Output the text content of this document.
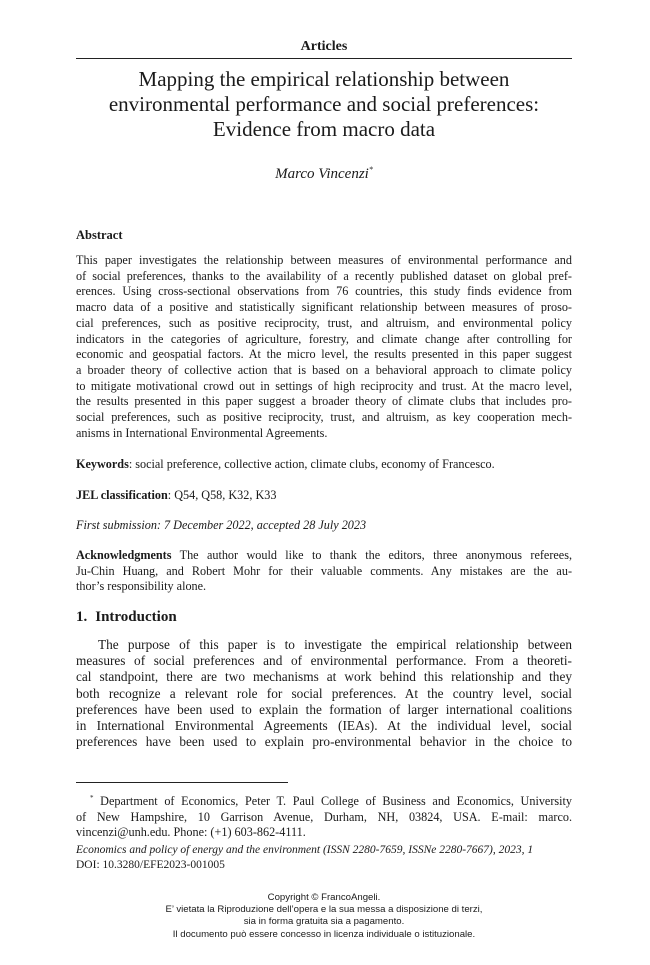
Articles
Mapping the empirical relationship between
environmental performance and social preferences:
Evidence from macro data
Marco Vincenzi*
Abstract
This paper investigates the relationship between measures of environmental performance and
of social preferences, thanks to the availability of a recently published dataset on global pref-
erences. Using cross-sectional observations from 76 countries, this study finds evidence from
macro data of a positive and statistically significant relationship between measures of proso-
cial preferences, such as positive reciprocity, trust, and altruism, and environmental policy
indicators in the categories of agriculture, forestry, and climate change after controlling for
economic and geospatial factors. At the micro level, the results presented in this paper suggest
a broader theory of collective action that is based on a behavioral approach to climate policy
to mitigate motivational crowd out in settings of high reciprocity and trust. At the macro level,
the results presented in this paper suggest a broader theory of climate clubs that includes pro-
social preferences, such as positive reciprocity, trust, and altruism, as key cooperation mech-
anisms in International Environmental Agreements.
Keywords: social preference, collective action, climate clubs, economy of Francesco.
JEL classification: Q54, Q58, K32, K33
First submission: 7 December 2022, accepted 28 July 2023
Acknowledgments The author would like to thank the editors, three anonymous referees,
Ju-Chin Huang, and Robert Mohr for their valuable comments. Any mistakes are the au-
thor’s responsibility alone.
1. Introduction
The purpose of this paper is to investigate the empirical relationship between
measures of social preferences and of environmental performance. From a theoreti-
cal standpoint, there are two mechanisms at work behind this relationship and they
both recognize a relevant role for social preferences. At the country level, social
preferences have been used to explain the formation of larger international coalitions
in International Environmental Agreements (IEAs). At the individual level, social
preferences have been used to explain pro-environmental behavior in the choice to
* Department of Economics, Peter T. Paul College of Business and Economics, University
of New Hampshire, 10 Garrison Avenue, Durham, NH, 03824, USA. E-mail: marco.
vincenzi@unh.edu. Phone: (+1) 603-862-4111.
Economics and policy of energy and the environment (ISSN 2280-7659, ISSNe 2280-7667), 2023, 1
DOI: 10.3280/EFE2023-001005
Copyright © FrancoAngeli.
E’ vietata la Riproduzione dell’opera e la sua messa a disposizione di terzi,
sia in forma gratuita sia a pagamento.
Il documento può essere concesso in licenza individuale o istituzionale.
